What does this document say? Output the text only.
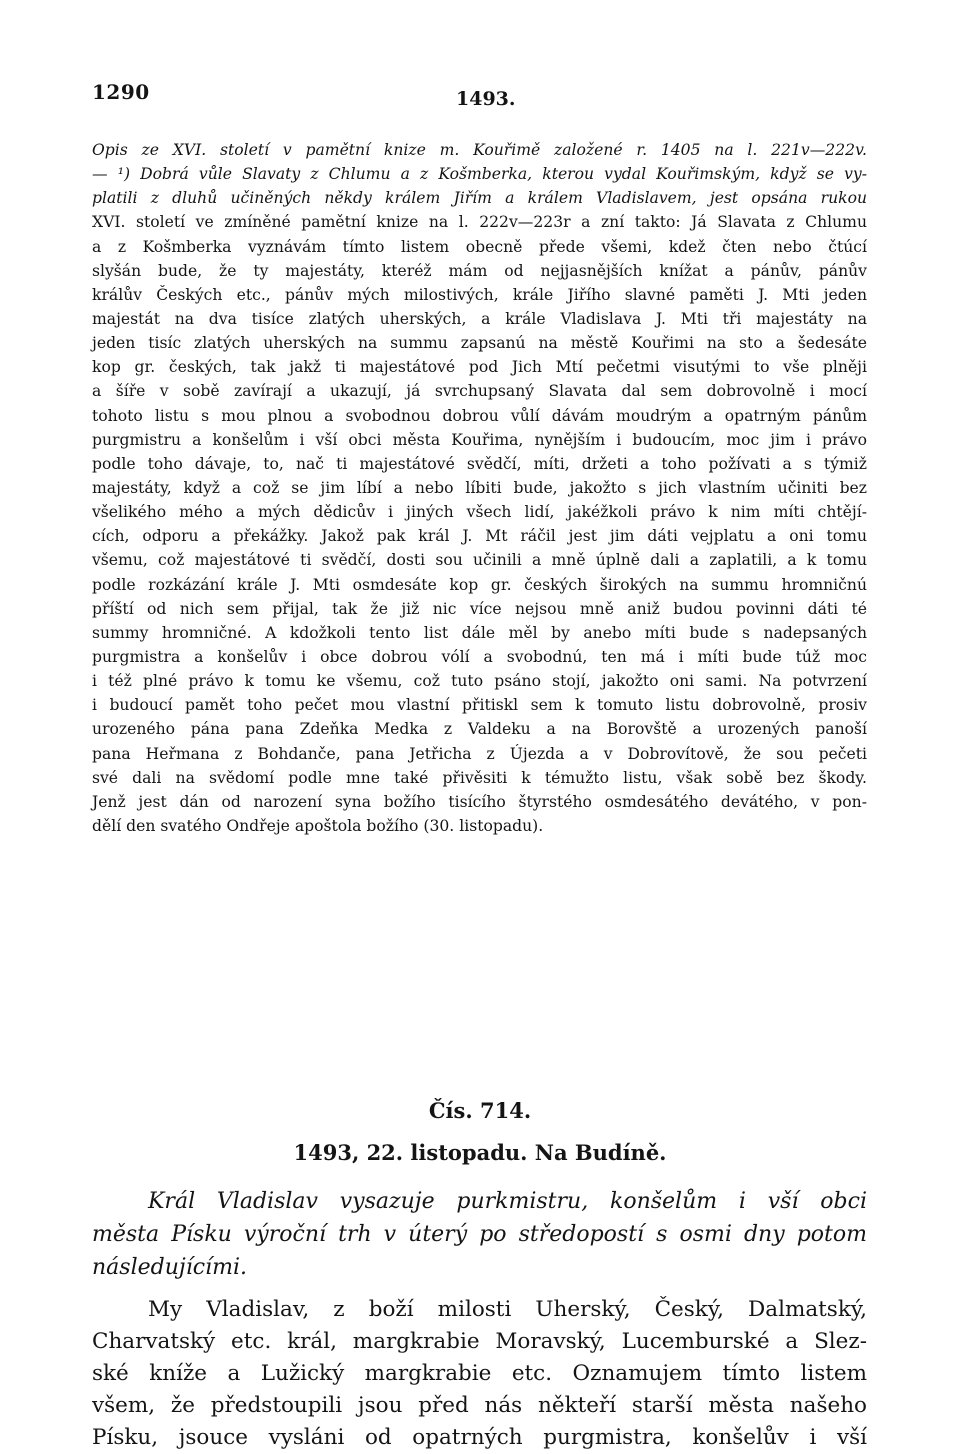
1290	1493.
Opis ze XVI. století v pamětní knize m. Kouřimě založené r. 1405 na l. 221v—222v.
— ¹) Dobrá vůle Slavaty z Chlumu a z Košmberka, kterou vydal Kouřimským, když se vy-
platili z dluhů učiněných někdy králem Jiřím a králem Vladislavem, jest opsána rukou
XVI. století ve zmíněné pamětní knize na l. 222v—223r a zní takto: Já Slavata z Chlumu
a z Košmberka vyznávám tímto listem obecně přede všemi, kdež čten nebo čtúcí
slyšán bude, že ty majestáty, kteréž mám od nejjasnějších knížat a pánův, pánův
králův Českých etc., pánův mých milostivých, krále Jiřího slavné paměti J. Mti jeden
majestát na dva tisíce zlatých uherských, a krále Vladislava J. Mti tři majestáty na
jeden tisíc zlatých uherských na summu zapsanú na městě Kouřimi na sto a šedesáte
kop gr. českých, tak jakž ti majestátové pod Jich Mtí pečetmi visutými to vše plněji
a šíře v sobě zavírají a ukazují, já svrchupsaný Slavata dal sem dobrovolně i mocí
tohoto listu s mou plnou a svobodnou dobrou vůlí dávám moudrým a opatrným pánům
purgmistru a konšelům i vší obci města Kouřima, nynějším i budoucím, moc jim i právo
podle toho dávaje, to, nač ti majestátové svědčí, míti, držeti a toho požívati a s týmiž
majestáty, když a což se jim líbí a nebo líbiti bude, jakožto s jich vlastním učiniti bez
všelikého mého a mých dědicův i jiných všech lidí, jakéžkoli právo k nim míti chtějí-
cích, odporu a překážky. Jakož pak král J. Mt ráčil jest jim dáti vejplatu a oni tomu
všemu, což majestátové ti svědčí, dosti sou učinili a mně úplně dali a zaplatili, a k tomu
podle rozkázání krále J. Mti osmdesáte kop gr. českých širokých na summu hromničnú
příští od nich sem přijal, tak že již nic více nejsou mně aniž budou povinni dáti té
summy hromničné. A kdožkoli tento list dále měl by anebo míti bude s nadepsaných
purgmistra a konšelův i obce dobrou vólí a svobodnú, ten má i míti bude túž moc
i též plné právo k tomu ke všemu, což tuto psáno stojí, jakožto oni sami. Na potvrzení
i budoucí pamět toho pečet mou vlastní přitiskl sem k tomuto listu dobrovolně, prosiv
urozeného pána pana Zdeňka Medka z Valdeku a na Borovště a urozených panoší
pana Heřmana z Bohdanče, pana Jetřicha z Újezda a v Dobrovítově, že sou pečeti
své dali na svědomí podle mne také přivěsiti k témužto listu, však sobě bez škody.
Jenž jest dán od narození syna božího tisícího štyrstého osmdesátého devátého, v pon-
dělí den svatého Ondřeje apoštola božího (30. listopadu).
Čís. 714.
1493, 22. listopadu. Na Budíně.
Král Vladislav vysazuje purkmistru, konšelům i vší obci
města Písku výroční trh v úterý po středopostí s osmi dny potom
následujícími.
My Vladislav, z boží milosti Uherský, Český, Dalmatský,
Charvatský etc. král, margkrabie Moravský, Lucemburské a Slez-
ské kníže a Lužický margkrabie etc. Oznamujem tímto listem
všem, že předstoupili jsou před nás někteří starší města našeho
Písku, jsouce vysláni od opatrných purgmistra, konšelův i vší
